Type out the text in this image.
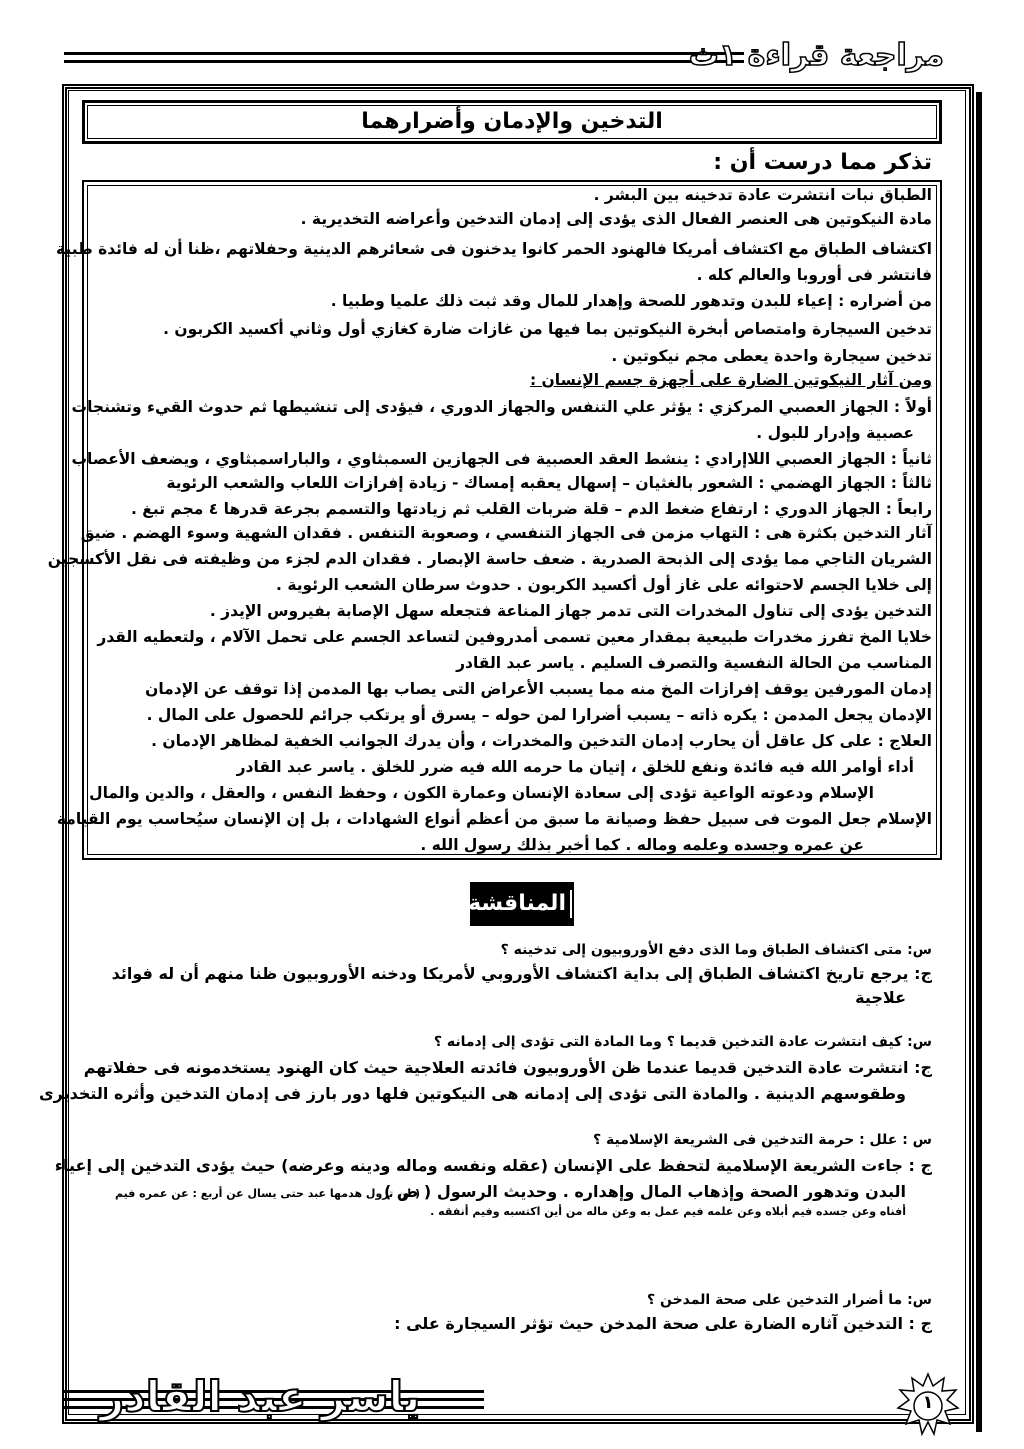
مراجعة قراءة ١ث
التدخين والإدمان وأضرارهما
تذكر مما درست أن :
الطباق نبات انتشرت عادة تدخينه بين البشر .
مادة النيكوتين هى العنصر الفعال الذى يؤدى إلى إدمان التدخين وأعراضه التخديرية .
اكتشاف الطباق مع اكتشاف أمريكا فالهنود الحمر كانوا يدخنون فى شعائرهم الدينية وحفلاتهم ،ظنا أن له فائدة طبية
فانتشر فى أوروبا والعالم كله .
من أضراره : إعياء للبدن وتدهور للصحة وإهدار للمال وقد ثبت ذلك علميا وطبيا .
تدخين السيجارة وامتصاص أبخرة النيكوتين بما فيها من غازات ضارة كغازي أول وثاني أكسيد الكربون .
تدخين سيجارة واحدة يعطى مجم نيكوتين .
ومن آثار النيكوتين الضارة على أجهزة جسم الإنسان :
أولاً : الجهاز العصبي المركزي : يؤثر علي التنفس والجهاز الدوري ، فيؤدى إلى تنشيطها ثم حدوث القيء وتشنجات
عصبية وإدرار للبول .
ثانياً : الجهاز العصبي اللاإرادي : ينشط العقد العصبية فى الجهازين السمبثاوي ، والباراسمبثاوي ، ويضعف الأعصاب
ثالثاً : الجهاز الهضمي : الشعور بالغثيان – إسهال يعقبه إمساك - زيادة إفرازات اللعاب والشعب الرئوية
رابعاً : الجهاز الدوري : ارتفاع ضغط الدم – قلة ضربات القلب ثم زيادتها والتسمم بجرعة قدرها ٤ مجم تبغ .
آثار التدخين بكثرة هى : التهاب مزمن فى الجهاز التنفسي ، وصعوبة التنفس . فقدان الشهية وسوء الهضم . ضيق
الشريان التاجي مما يؤدى إلى الذبحة الصدرية . ضعف حاسة الإبصار . فقدان الدم لجزء من وظيفته فى نقل الأكسجين
إلى خلايا الجسم لاحتوائه على غاز أول أكسيد الكربون . حدوث سرطان الشعب الرئوية .
التدخين يؤدى إلى تناول المخدرات التى تدمر جهاز المناعة فتجعله سهل الإصابة بفيروس الإيدز .
خلايا المخ تفرز مخدرات طبيعية بمقدار معين تسمى أمدروفين لتساعد الجسم على تحمل الآلام ، ولتعطيه القدر
المناسب من الحالة النفسية والتصرف السليم . ياسر عبد القادر
إدمان المورفين يوقف إفرازات المخ منه مما يسبب الأعراض التى يصاب بها المدمن إذا توقف عن الإدمان
الإدمان يجعل المدمن : يكره ذاته – يسبب أضرارا لمن حوله – يسرق أو يرتكب جرائم للحصول على المال .
العلاج : على كل عاقل أن يحارب إدمان التدخين والمخدرات ، وأن يدرك الجوانب الخفية لمظاهر الإدمان .
أداء أوامر الله فيه فائدة ونفع للخلق ، إتيان ما حرمه الله فيه ضرر للخلق . ياسر عبد القادر
الإسلام ودعوته الواعية تؤدى إلى سعادة الإنسان وعمارة الكون ، وحفظ النفس ، والعقل ، والدين والمال
الإسلام جعل الموت فى سبيل حفظ وصيانة ما سبق من أعظم أنواع الشهادات ، بل إن الإنسان سيُحاسب يوم القيامة
عن عمره وجسده وعلمه وماله . كما أخبر بذلك رسول الله .
المناقشة
س: متى اكتشاف الطباق وما الذى دفع الأوروبيون إلى تدخينه ؟
ج: يرجع تاريخ اكتشاف الطباق إلى بداية اكتشاف الأوروبي لأمريكا ودخنه الأوروبيون ظنا منهم أن له فوائد
علاجية
س: كيف انتشرت عادة التدخين قديما ؟ وما المادة التى تؤدى إلى إدمانه ؟
ج: انتشرت عادة التدخين قديما عندما ظن الأوروبيون فائدته العلاجية حيث كان الهنود يستخدمونه فى حفلاتهم
وطقوسهم الدينية . والمادة التى تؤدى إلى إدمانه هى النيكوتين فلها دور بارز فى إدمان التدخين وأثره التخديرى
س : علل : حرمة التدخين فى الشريعة الإسلامية ؟
ج : جاءت الشريعة الإسلامية لتحفظ على الإنسان (عقله ونفسه وماله ودينه وعرضه) حيث يؤدى التدخين إلى إعياء
البدن وتدهور الصحة وإذهاب المال وإهداره . وحديث الرسول ( ص )
( لن تزول هدمها عبد حتى يسال عن أربع : عن عمره فيم
أفناه وعن جسده فيم أبلاه وعن علمه فيم عمل به وعن ماله من أين اكتسبه وفيم أنفقه .
س: ما أضرار التدخين على صحة المدخن ؟
ج : التدخين آثاره الضارة على صحة المدخن حيث تؤثر السيجارة على :
ياسر عبد القادر	١
